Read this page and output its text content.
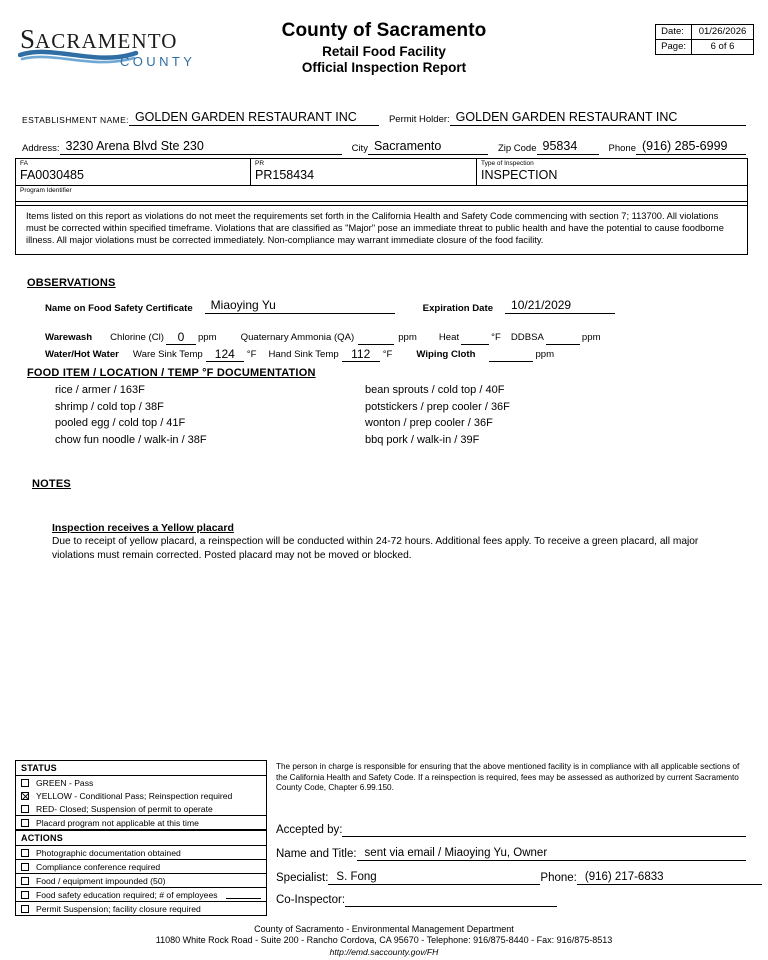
S ACRAMENTO
COUNTY
County of Sacramento
Retail Food Facility
Official Inspection Report
Date:	01/26/2026
Page:	6 of 6
ESTABLISHMENT NAME: GOLDEN GARDEN RESTAURANT INC	Permit Holder: GOLDEN GARDEN RESTAURANT INC
Address: 3230 Arena Blvd Ste 230	City Sacramento	Zip Code 95834	Phone (916) 285-6999
FA
FA0030485
PR
PR158434
Type of Inspection
INSPECTION
Program Identifier

Items listed on this report as violations do not meet the requirements set forth in the California Health and Safety Code commencing with section 7; 113700. All violations must be corrected within specified timeframe. Violations that are classified as "Major" pose an immediate threat to public health and have the potential to cause foodborne illness. All major violations must be corrected immediately. Non-compliance may warrant immediate closure of the food facility.

OBSERVATIONS
Name on Food Safety Certificate	Miaoying Yu	Expiration Date	10/21/2029
Warewash Chlorine (Cl)	0	ppm	Quaternary Ammonia (QA)	ppm Heat	°F DDBSA	ppm
Water/Hot Water Ware Sink Temp 124	°F Hand Sink Temp	112	°F	Wiping Cloth	ppm
FOOD ITEM / LOCATION / TEMP °F DOCUMENTATION
rice / armer / 163F
shrimp / cold top / 38F
pooled egg / cold top / 41F
chow fun noodle / walk-in / 38F
bean sprouts / cold top / 40F
potstickers / prep cooler / 36F
wonton / prep cooler / 36F
bbq pork / walk-in / 39F
NOTES
Inspection receives a Yellow placard

Due to receipt of yellow placard, a reinspection will be conducted within 24-72 hours. Additional fees apply. To receive a green placard, all major violations must remain corrected. Posted placard may not be moved or blocked.

STATUS
GREEN - Pass
YELLOW - Conditional Pass; Reinspection required
RED- Closed; Suspension of permit to operate
Placard program not applicable at this time
ACTIONS
Photographic documentation obtained
Compliance conference required
Food / equipment impounded (50)
Food safety education required; # of employees
Permit Suspension; facility closure required

The person in charge is responsible for ensuring that the above mentioned facility is in compliance with all applicable sections of the California Health and Safety Code. If a reinspection is required, fees may be assessed as authorized by current Sacramento County Code, Chapter 6.99.150.

Accepted by:
Name and Title: sent via email / Miaoying Yu, Owner
Specialist: S. Fong	Phone: (916) 217-6833
Co-Inspector:
County of Sacramento - Environmental Management Department
11080 White Rock Road - Suite 200 - Rancho Cordova, CA 95670 - Telephone: 916/875-8440 - Fax: 916/875-8513
http://emd.saccounty.gov/FH
